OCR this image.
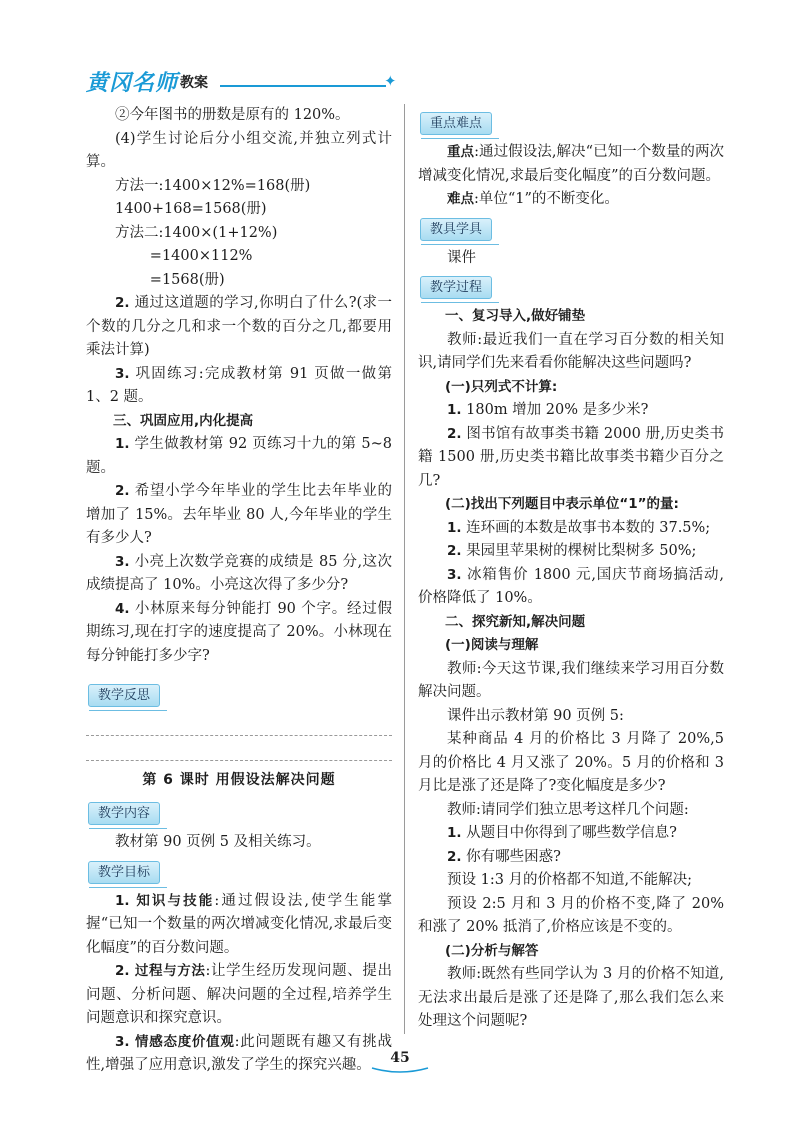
黄冈名师 教案	✦

②今年图书的册数是原有的 120%。

(4)学生讨论后分小组交流,并独立列式计算。

方法一:1400×12%=168(册)

1400+168=1568(册)

方法二:1400×(1+12%)

=1400×112%

=1568(册)

2. 通过这道题的学习,你明白了什么?(求一个数的几分之几和求一个数的百分之几,都要用乘法计算)

3. 巩固练习:完成教材第 91 页做一做第 1、2 题。

三、巩固应用,内化提高

1. 学生做教材第 92 页练习十九的第 5~8 题。

2. 希望小学今年毕业的学生比去年毕业的增加了 15%。去年毕业 80 人,今年毕业的学生有多少人?

3. 小亮上次数学竞赛的成绩是 85 分,这次成绩提高了 10%。小亮这次得了多少分?

4. 小林原来每分钟能打 90 个字。经过假期练习,现在打字的速度提高了 20%。小林现在每分钟能打多少字?

教学反思

第 6 课时 用假设法解决问题

教学内容

教材第 90 页例 5 及相关练习。

教学目标

1. 知识与技能:通过假设法,使学生能掌握“已知一个数量的两次增减变化情况,求最后变化幅度”的百分数问题。

2. 过程与方法:让学生经历发现问题、提出问题、分析问题、解决问题的全过程,培养学生问题意识和探究意识。

3. 情感态度价值观:此问题既有趣又有挑战性,增强了应用意识,激发了学生的探究兴趣。

重点难点

重点:通过假设法,解决“已知一个数量的两次增减变化情况,求最后变化幅度”的百分数问题。

难点:单位“1”的不断变化。

教具学具

课件

教学过程

一、复习导入,做好铺垫

教师:最近我们一直在学习百分数的相关知识,请同学们先来看看你能解决这些问题吗?

(一)只列式不计算:

1. 180m 增加 20% 是多少米?

2. 图书馆有故事类书籍 2000 册,历史类书籍 1500 册,历史类书籍比故事类书籍少百分之几?

(二)找出下列题目中表示单位“1”的量:

1. 连环画的本数是故事书本数的 37.5%;

2. 果园里苹果树的棵树比梨树多 50%;

3. 冰箱售价 1800 元,国庆节商场搞活动,价格降低了 10%。

二、探究新知,解决问题

(一)阅读与理解

教师:今天这节课,我们继续来学习用百分数解决问题。

课件出示教材第 90 页例 5:

某种商品 4 月的价格比 3 月降了 20%,5 月的价格比 4 月又涨了 20%。5 月的价格和 3 月比是涨了还是降了?变化幅度是多少?

教师:请同学们独立思考这样几个问题:

1. 从题目中你得到了哪些数学信息?

2. 你有哪些困惑?

预设 1:3 月的价格都不知道,不能解决;

预设 2:5 月和 3 月的价格不变,降了 20% 和涨了 20% 抵消了,价格应该是不变的。

(二)分析与解答

教师:既然有些同学认为 3 月的价格不知道,无法求出最后是涨了还是降了,那么我们怎么来处理这个问题呢?

45
